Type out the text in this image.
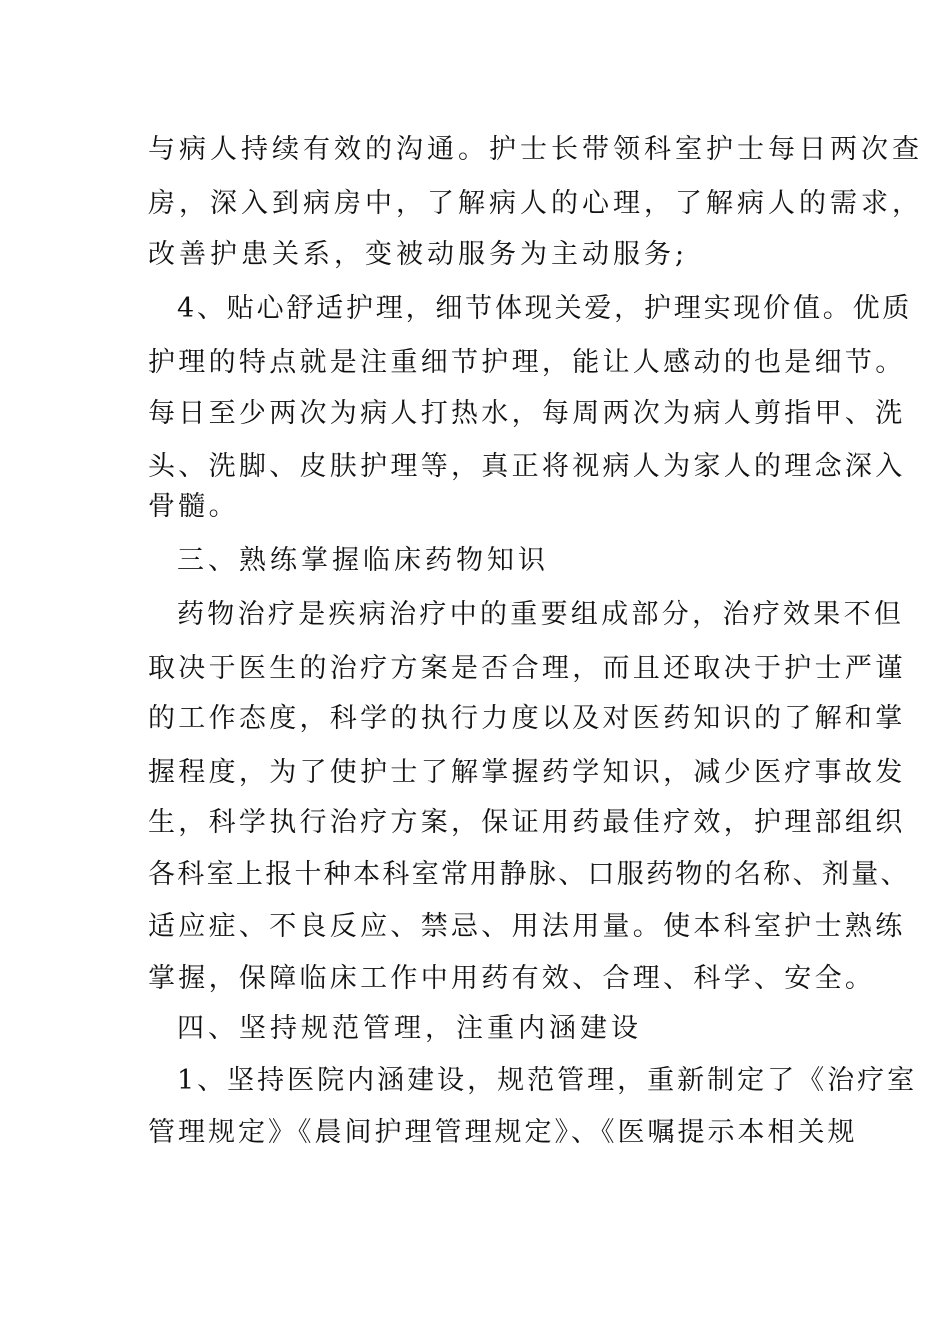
与病人持续有效的沟通。护士长带领科室护士每日两次查
房，深入到病房中，了解病人的心理，了解病人的需求，
改善护患关系，变被动服务为主动服务;
4、贴心舒适护理，细节体现关爱，护理实现价值。优质
护理的特点就是注重细节护理，能让人感动的也是细节。
每日至少两次为病人打热水，每周两次为病人剪指甲、洗
头、洗脚、皮肤护理等，真正将视病人为家人的理念深入
骨髓。
三、熟练掌握临床药物知识
药物治疗是疾病治疗中的重要组成部分，治疗效果不但
取决于医生的治疗方案是否合理，而且还取决于护士严谨
的工作态度，科学的执行力度以及对医药知识的了解和掌
握程度，为了使护士了解掌握药学知识，减少医疗事故发
生，科学执行治疗方案，保证用药最佳疗效，护理部组织
各科室上报十种本科室常用静脉、口服药物的名称、剂量、
适应症、不良反应、禁忌、用法用量。使本科室护士熟练
掌握，保障临床工作中用药有效、合理、科学、安全。
四、坚持规范管理，注重内涵建设
1、坚持医院内涵建设，规范管理，重新制定了《治疗室
管理规定》《晨间护理管理规定》、《医嘱提示本相关规
